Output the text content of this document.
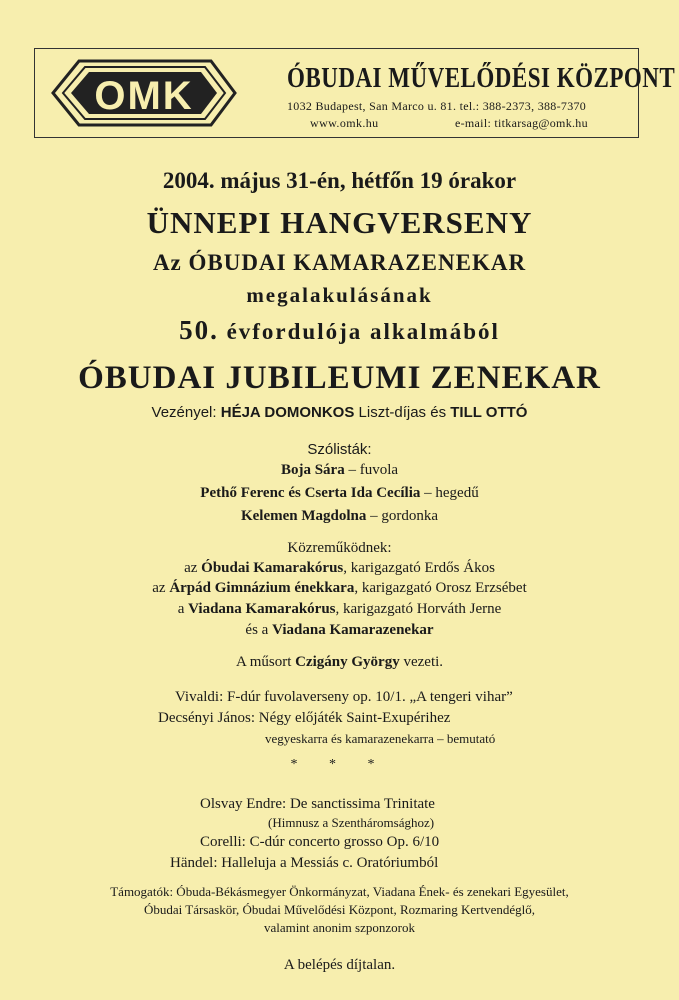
OMK	ÓBUDAI MŰVELŐDÉSI KÖZPONT
1032 Budapest, San Marco u. 81. tel.: 388-2373, 388-7370
www.omk.hu	e-mail: titkarsag@omk.hu
2004. május 31-én, hétfőn 19 órakor
ÜNNEPI HANGVERSENY
Az ÓBUDAI KAMARAZENEKAR
megalakulásának
50. évfordulója alkalmából
ÓBUDAI JUBILEUMI ZENEKAR
Vezényel: HÉJA DOMONKOS Liszt-díjas és TILL OTTÓ
Szólisták:
Boja Sára – fuvola
Pethő Ferenc és Cserta Ida Cecília – hegedű
Kelemen Magdolna – gordonka
Közreműködnek:
az Óbudai Kamarakórus, karigazgató Erdős Ákos
az Árpád Gimnázium énekkara, karigazgató Orosz Erzsébet
a Viadana Kamarakórus, karigazgató Horváth Jerne
és a Viadana Kamarazenekar
A műsort Czigány György vezeti.
Vivaldi: F-dúr fuvolaverseny op. 10/1. „A tengeri vihar”
Decsényi János: Négy előjáték Saint-Exupérihez
vegyeskarra és kamarazenekarra – bemutató
* * *
Olsvay Endre: De sanctissima Trinitate
(Himnusz a Szentháromsághoz)
Corelli: C-dúr concerto grosso Op. 6/10
Händel: Halleluja a Messiás c. Oratóriumból
Támogatók: Óbuda-Békásmegyer Önkormányzat, Viadana Ének- és zenekari Egyesület,
Óbudai Társaskör, Óbudai Művelődési Központ, Rozmaring Kertvendéglő,
valamint anonim szponzorok
A belépés díjtalan.
